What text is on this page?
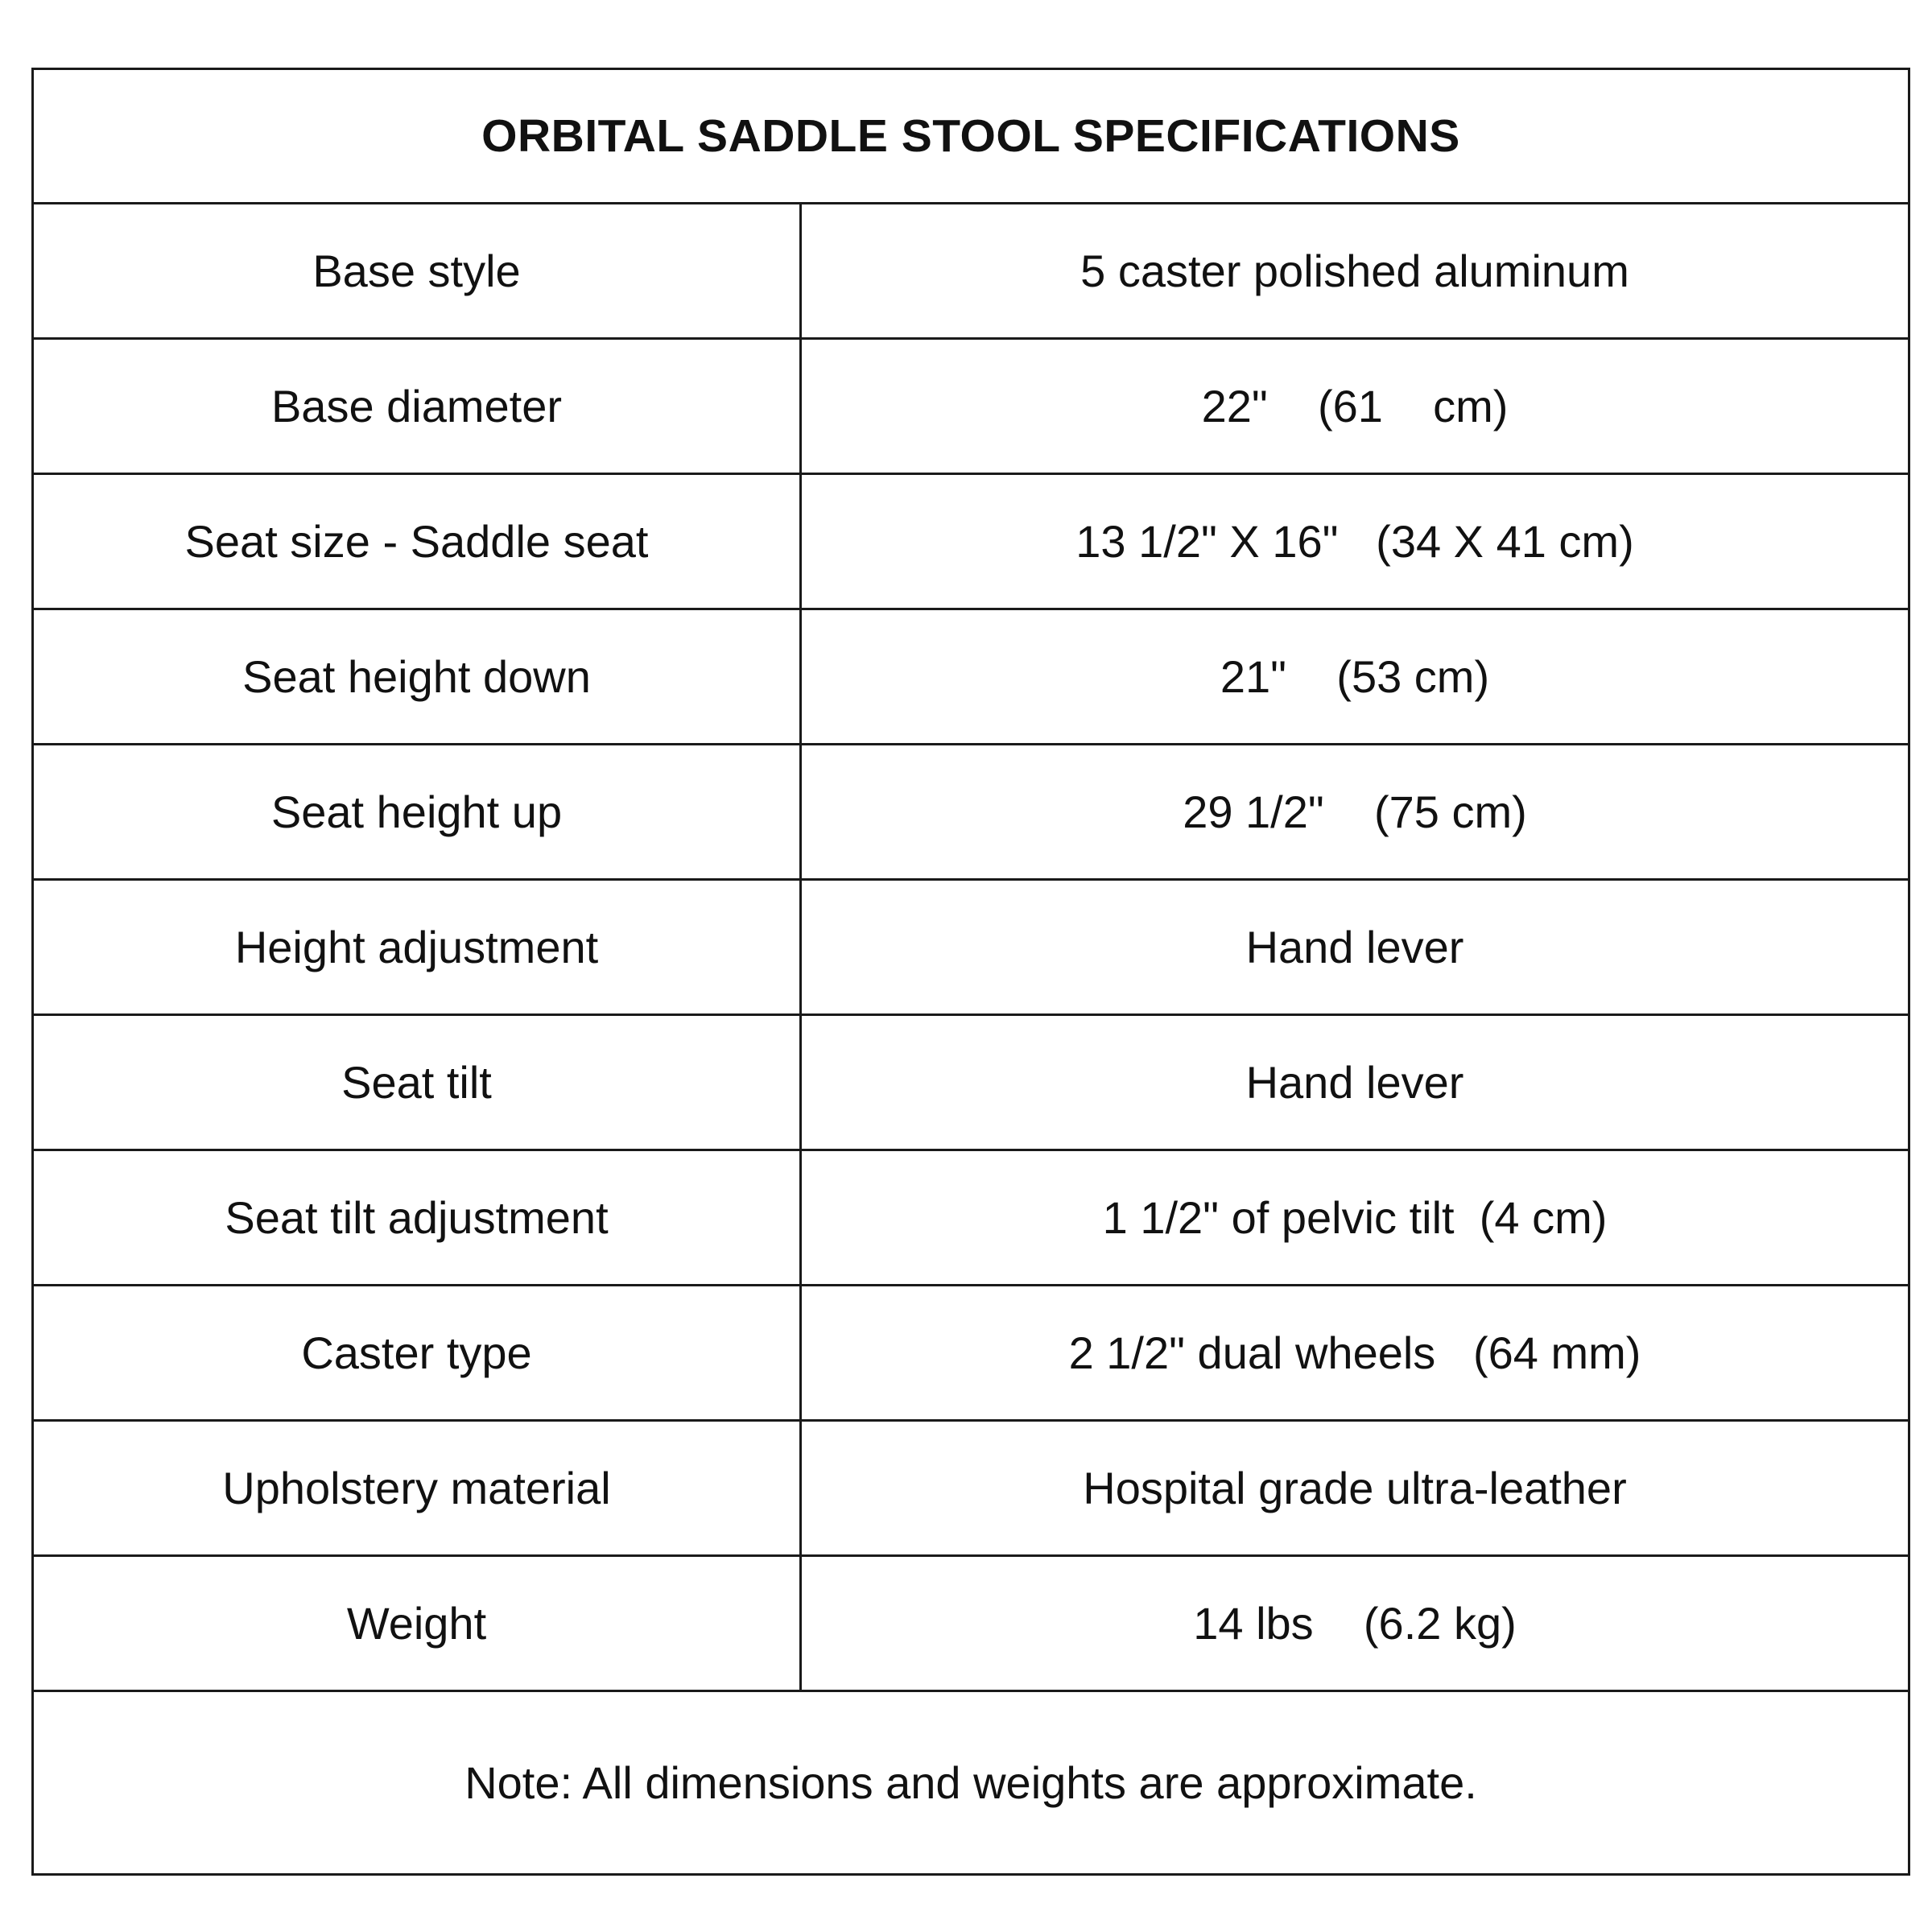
ORBITAL SADDLE STOOL SPECIFICATIONS
Base style	5 caster polished aluminum
Base diameter	22"    (61    cm)
Seat size - Saddle seat	13 1/2" X 16"   (34 X 41 cm)
Seat height down	21"    (53 cm)
Seat height up	29 1/2"    (75 cm)
Height adjustment	Hand lever
Seat tilt	Hand lever
Seat tilt adjustment	1 1/2" of pelvic tilt  (4 cm)
Caster type	2 1/2" dual wheels   (64 mm)
Upholstery material	Hospital grade ultra-leather
Weight	14 lbs    (6.2 kg)
Note: All dimensions and weights are approximate.
